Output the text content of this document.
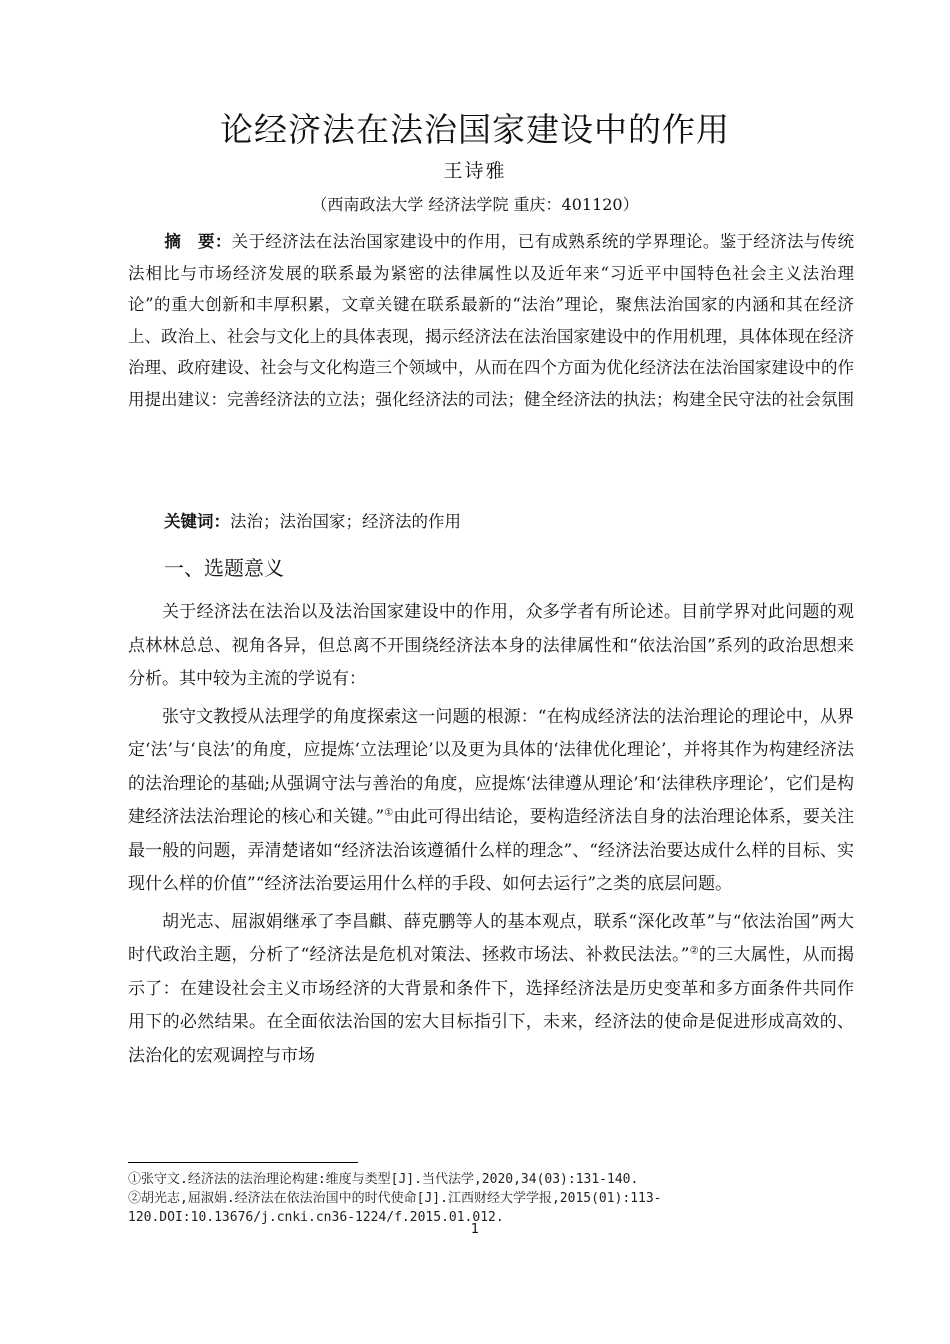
论经济法在法治国家建设中的作用
王诗雅
（西南政法大学 经济法学院 重庆：401120）
摘　要：关于经济法在法治国家建设中的作用，已有成熟系统的学界理论。鉴于经济法与传统法相比与市场经济发展的联系最为紧密的法律属性以及近年来“习近平中国特色社会主义法治理论”的重大创新和丰厚积累，文章关键在联系最新的“法治”理论，聚焦法治国家的内涵和其在经济上、政治上、社会与文化上的具体表现，揭示经济法在法治国家建设中的作用机理，具体体现在经济治理、政府建设、社会与文化构造三个领域中，从而在四个方面为优化经济法在法治国家建设中的作用提出建议：完善经济法的立法；强化经济法的司法；健全经济法的执法；构建全民守法的社会氛围
关键词：法治；法治国家；经济法的作用
一、选题意义

关于经济法在法治以及法治国家建设中的作用，众多学者有所论述。目前学界对此问题的观点林林总总、视角各异，但总离不开围绕经济法本身的法律属性和“依法治国”系列的政治思想来分析。其中较为主流的学说有：

张守文教授从法理学的角度探索这一问题的根源：“在构成经济法的法治理论的理论中，从界定‘法’与‘良法’的角度，应提炼‘立法理论’以及更为具体的‘法律优化理论’，并将其作为构建经济法的法治理论的基础;从强调守法与善治的角度，应提炼‘法律遵从理论’和‘法律秩序理论’，它们是构建经济法法治理论的核心和关键。”①由此可得出结论，要构造经济法自身的法治理论体系，要关注最一般的问题，弄清楚诸如“经济法治该遵循什么样的理念”、“经济法治要达成什么样的目标、实现什么样的价值”“经济法治要运用什么样的手段、如何去运行”之类的底层问题。

胡光志、屈淑娟继承了李昌麒、薛克鹏等人的基本观点，联系“深化改革”与“依法治国”两大时代政治主题，分析了“经济法是危机对策法、拯救市场法、补救民法法。”②的三大属性，从而揭示了：在建设社会主义市场经济的大背景和条件下，选择经济法是历史变革和多方面条件共同作用下的必然结果。在全面依法治国的宏大目标指引下，未来，经济法的使命是促进形成高效的、法治化的宏观调控与市场

①张守文.经济法的法治理论构建:维度与类型[J].当代法学,2020,34(03):131-140.
②胡光志,屈淑娟.经济法在依法治国中的时代使命[J].江西财经大学学报,2015(01):113-120.DOI:10.13676/j.cnki.cn36-1224/f.2015.01.012.
1
